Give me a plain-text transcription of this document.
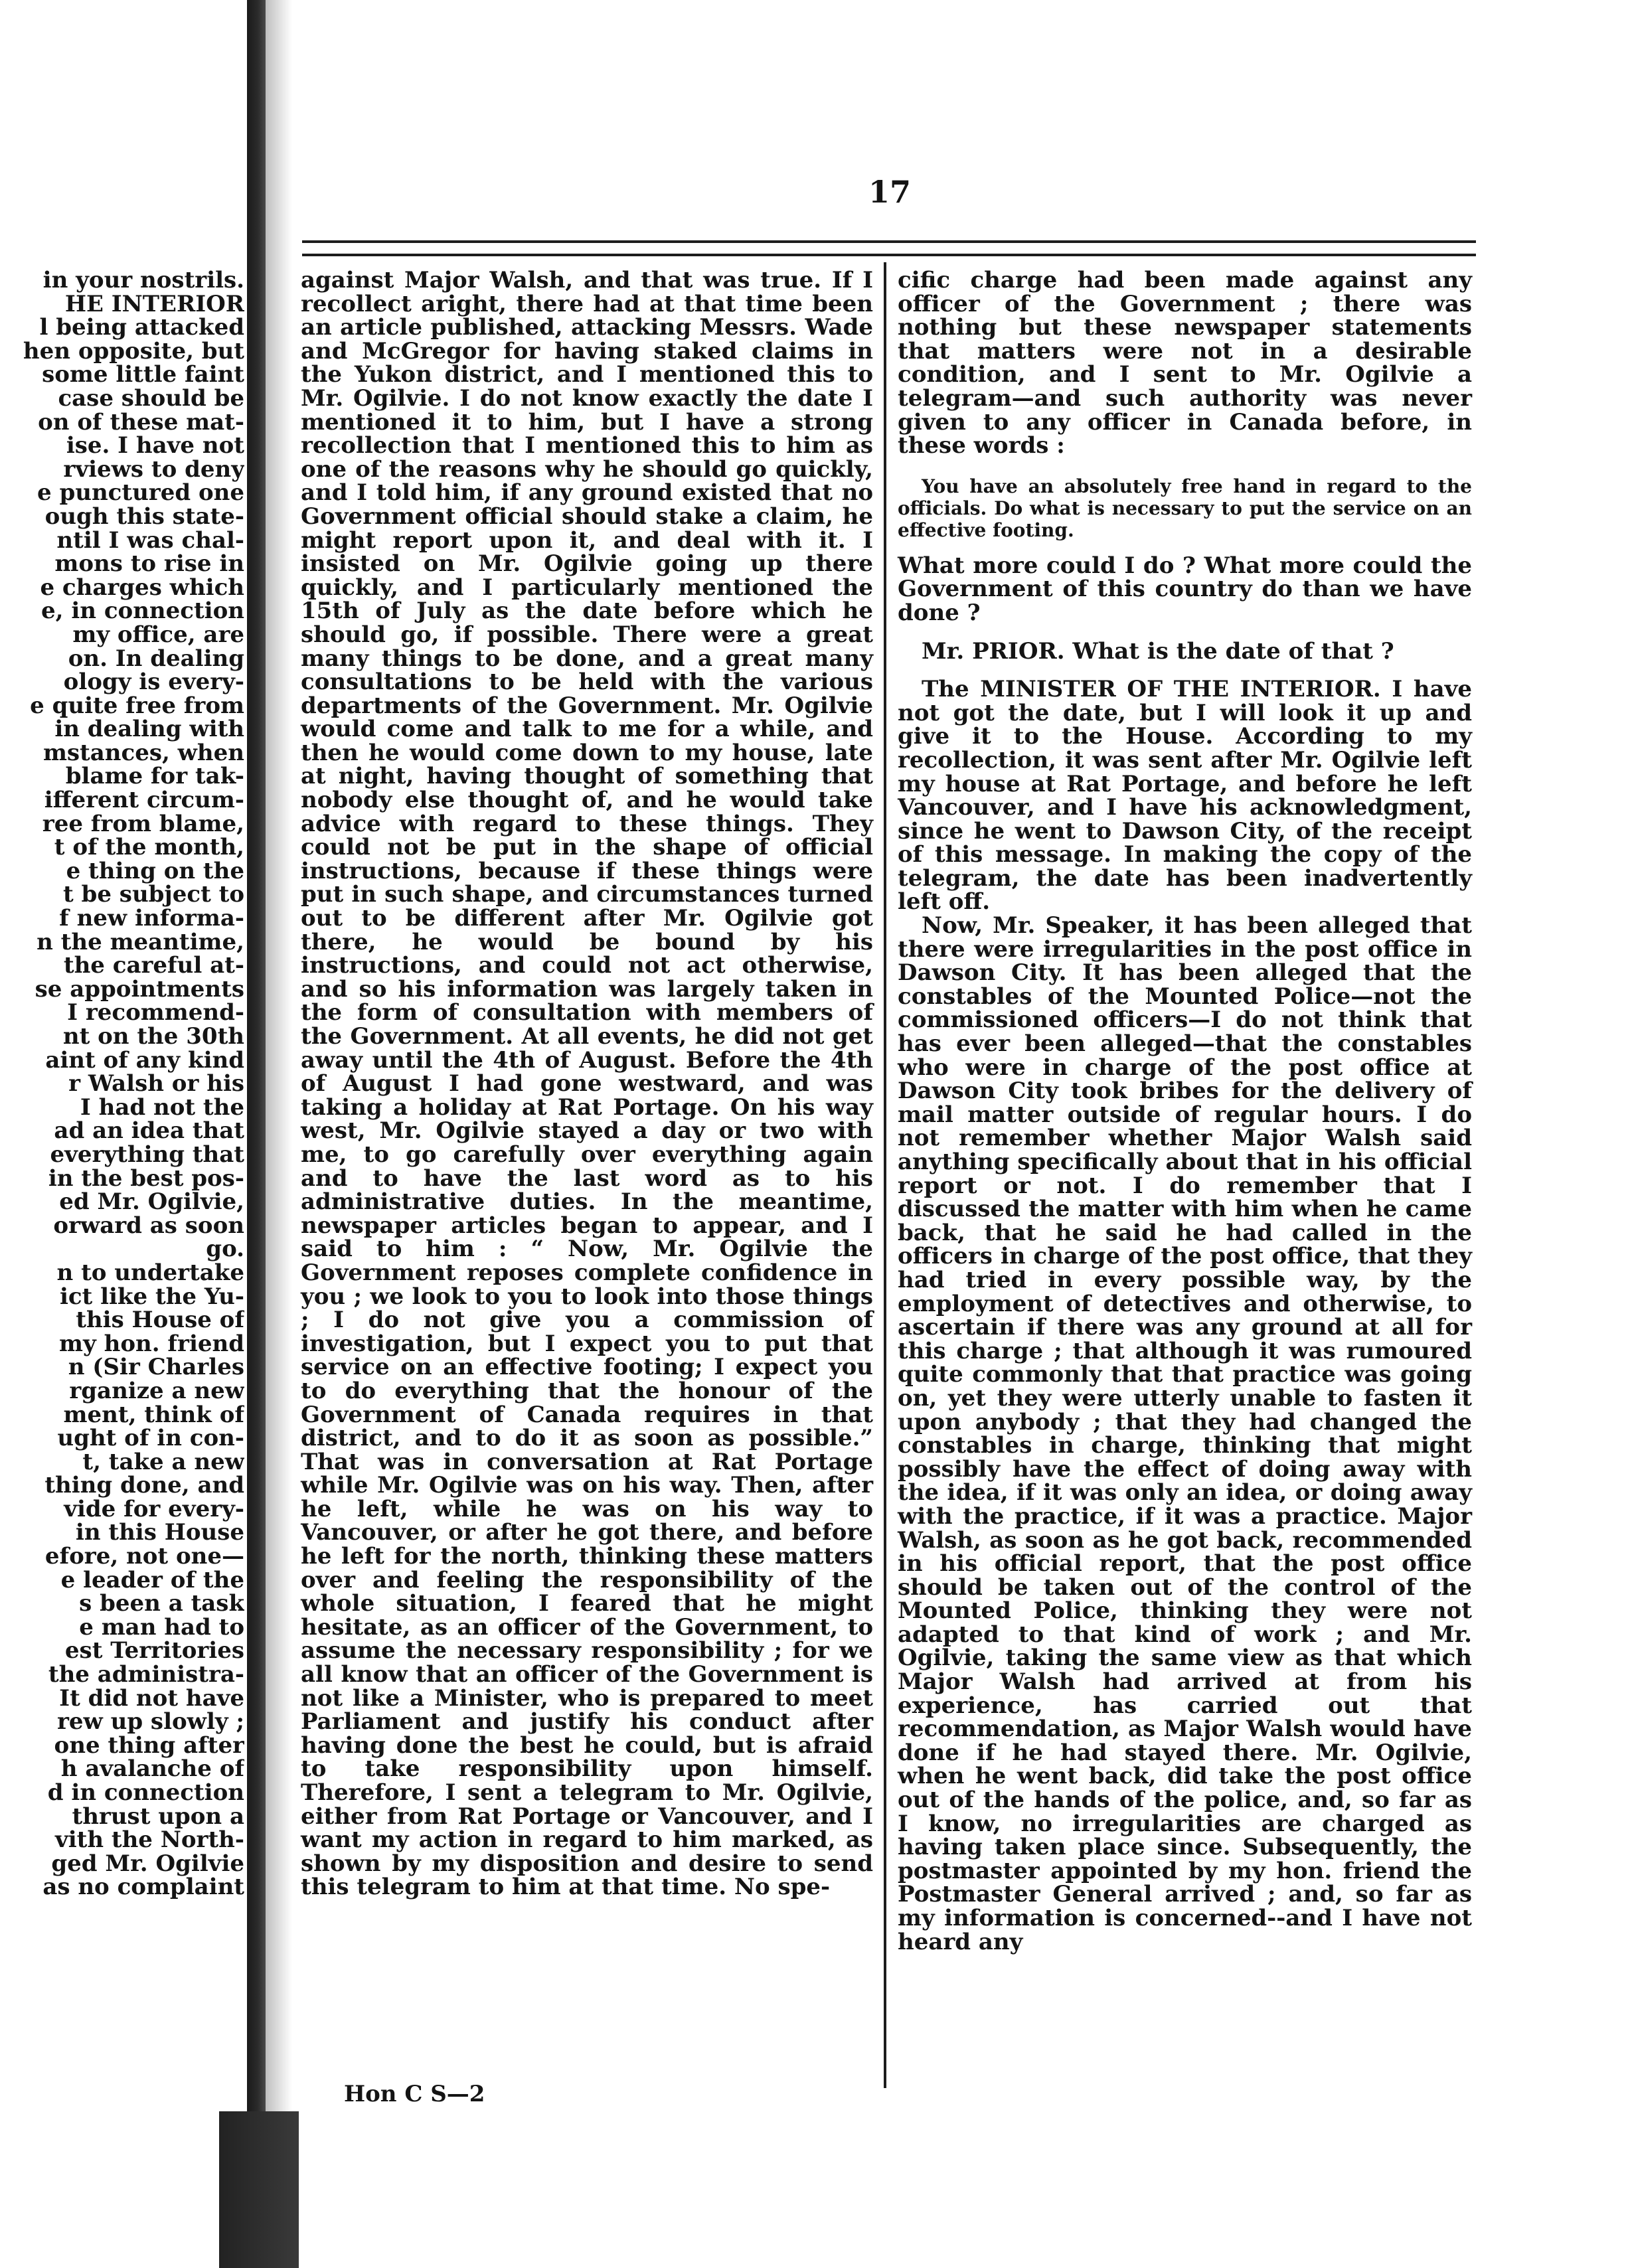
17
in your nostrils.
HE INTERIOR
l being attacked
hen opposite, but
some little faint
case should be
on of these mat-
ise. I have not
rviews to deny
e punctured one
ough this state-
ntil I was chal-
mons to rise in
e charges which
e, in connection
my office, are
on. In dealing
ology is every-
e quite free from
in dealing with
mstances, when
blame for tak-
ifferent circum-
ree from blame,
t of the month,
e thing on the
t be subject to
f new informa-
n the meantime,
the careful at-
se appointments
I recommend-
nt on the 30th
aint of any kind
r Walsh or his
I had not the
ad an idea that
everything that
in the best pos-
ed Mr. Ogilvie,
orward as soon
go.
n to undertake
ict like the Yu-
this House of
my hon. friend
n (Sir Charles
rganize a new
ment, think of
ught of in con-
t, take a new
thing done, and
vide for every-
in this House
efore, not one—
e leader of the
s been a task
e man had to
est Territories
the administra-
It did not have
rew up slowly ;
one thing after
h avalanche of
d in connection
thrust upon a
vith the North-
ged Mr. Ogilvie
as no complaint

against Major Walsh, and that was true. If I recollect aright, there had at that time been an article published, attacking Messrs. Wade and McGregor for having staked claims in the Yukon district, and I mentioned this to Mr. Ogilvie. I do not know exactly the date I mentioned it to him, but I have a strong recollection that I mentioned this to him as one of the reasons why he should go quickly, and I told him, if any ground existed that no Government official should stake a claim, he might report upon it, and deal with it. I insisted on Mr. Ogilvie going up there quickly, and I particularly mentioned the 15th of July as the date before which he should go, if possible. There were a great many things to be done, and a great many consultations to be held with the various departments of the Government. Mr. Ogilvie would come and talk to me for a while, and then he would come down to my house, late at night, having thought of something that nobody else thought of, and he would take advice with regard to these things. They could not be put in the shape of official instructions, because if these things were put in such shape, and circumstances turned out to be different after Mr. Ogilvie got there, he would be bound by his instructions, and could not act otherwise, and so his information was largely taken in the form of consultation with members of the Government. At all events, he did not get away until the 4th of August. Before the 4th of August I had gone westward, and was taking a holiday at Rat Portage. On his way west, Mr. Ogilvie stayed a day or two with me, to go carefully over everything again and to have the last word as to his administrative duties. In the meantime, newspaper articles began to appear, and I said to him : “ Now, Mr. Ogilvie the Government reposes complete confidence in you ; we look to you to look into those things ; I do not give you a commission of investigation, but I expect you to put that service on an effective footing; I expect you to do everything that the honour of the Government of Canada requires in that district, and to do it as soon as possible.” That was in conversation at Rat Portage while Mr. Ogilvie was on his way. Then, after he left, while he was on his way to Vancouver, or after he got there, and before he left for the north, thinking these matters over and feeling the responsibility of the whole situation, I feared that he might hesitate, as an officer of the Government, to assume the necessary responsibility ; for we all know that an officer of the Government is not like a Minister, who is prepared to meet Parliament and justify his conduct after having done the best he could, but is afraid to take responsibility upon himself. Therefore, I sent a telegram to Mr. Ogilvie, either from Rat Portage or Vancouver, and I want my action in regard to him marked, as shown by my disposition and desire to send this telegram to him at that time. No spe-

cific charge had been made against any officer of the Government ; there was nothing but these newspaper statements that matters were not in a desirable condition, and I sent to Mr. Ogilvie a telegram—and such authority was never given to any officer in Canada before, in these words :

You have an absolutely free hand in regard to the officials. Do what is necessary to put the service on an effective footing.

What more could I do ? What more could the Government of this country do than we have done ?

Mr. PRIOR. What is the date of that ?

The MINISTER OF THE INTERIOR. I have not got the date, but I will look it up and give it to the House. According to my recollection, it was sent after Mr. Ogilvie left my house at Rat Portage, and before he left Vancouver, and I have his acknowledgment, since he went to Dawson City, of the receipt of this message. In making the copy of the telegram, the date has been inadvertently left off.

Now, Mr. Speaker, it has been alleged that there were irregularities in the post office in Dawson City. It has been alleged that the constables of the Mounted Police—not the commissioned officers—I do not think that has ever been alleged—that the constables who were in charge of the post office at Dawson City took bribes for the delivery of mail matter outside of regular hours. I do not remember whether Major Walsh said anything specifically about that in his official report or not. I do remember that I discussed the matter with him when he came back, that he said he had called in the officers in charge of the post office, that they had tried in every possible way, by the employment of detectives and otherwise, to ascertain if there was any ground at all for this charge ; that although it was rumoured quite commonly that that practice was going on, yet they were utterly unable to fasten it upon anybody ; that they had changed the constables in charge, thinking that might possibly have the effect of doing away with the idea, if it was only an idea, or doing away with the practice, if it was a practice. Major Walsh, as soon as he got back, recommended in his official report, that the post office should be taken out of the control of the Mounted Police, thinking they were not adapted to that kind of work ; and Mr. Ogilvie, taking the same view as that which Major Walsh had arrived at from his experience, has carried out that recommendation, as Major Walsh would have done if he had stayed there. Mr. Ogilvie, when he went back, did take the post office out of the hands of the police, and, so far as I know, no irregularities are charged as having taken place since. Subsequently, the postmaster appointed by my hon. friend the Postmaster General arrived ; and, so far as my information is concerned--and I have not heard any

Hon C S—2
